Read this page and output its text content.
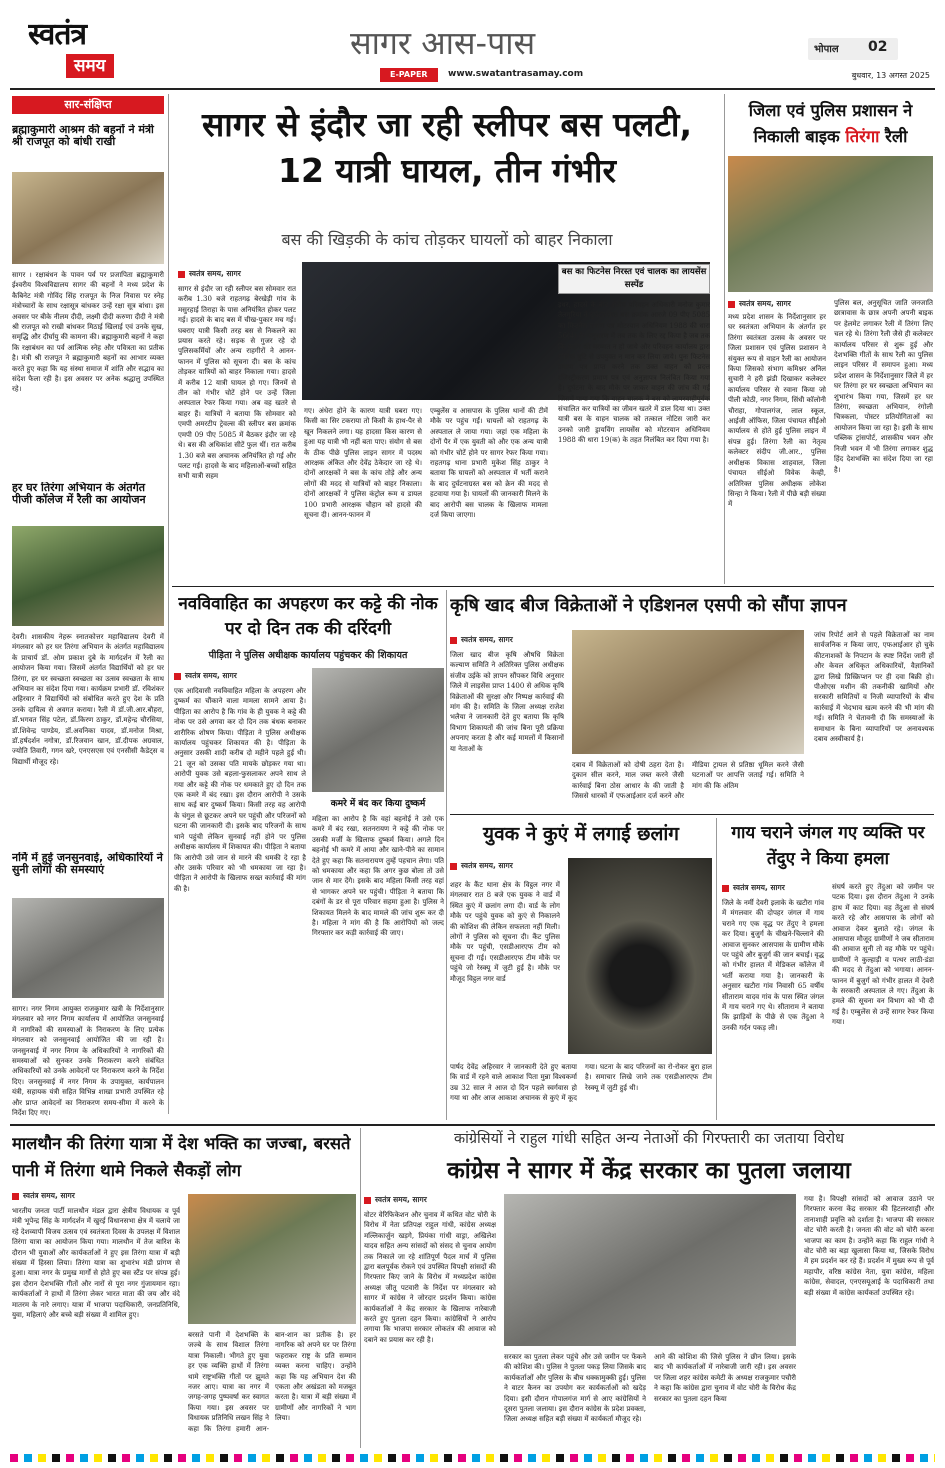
स्वतंत्र
समय
सागर आस-पास
E-PAPER	www.swatantrasamay.com
भोपाल 02
बुधवार, 13 अगस्त 2025
सार-संक्षिप्त
ब्रह्माकुमारी आश्रम की बहनों ने मंत्री श्री राजपूत को बांधी राखी
सागर । रक्षाबंधन के पावन पर्व पर प्रजापिता ब्रह्माकुमारी ईश्वरीय विश्वविद्यालय सागर की बहनों ने मध्य प्रदेश के कैबिनेट मंत्री गोविंद सिंह राजपूत के निज निवास पर स्नेह मंत्रोच्चारों के साथ रक्षासूत्र बांधकर उन्हें रक्षा सूत्र बांधा। इस अवसर पर बीके नीलम दीदी, लक्ष्मी दीदी करुणा दीदी ने मंत्री श्री राजपूत को राखी बांधकर मिठाई खिलाई एवं उनके सुख, समृद्धि और दीर्घायु की कामना की। ब्रह्माकुमारी बहनों ने कहा कि रक्षाबंधन का पर्व आत्मिक स्नेह और पवित्रता का प्रतीक है। मंत्री श्री राजपूत ने ब्रह्माकुमारी बहनों का आभार व्यक्त करते हुए कहा कि यह संस्था समाज में शांति और सद्भाव का संदेश फैला रही है। इस अवसर पर अनेक श्रद्धालु उपस्थित रहे।
हर घर तिरंगा अभियान के अंतर्गत पीजी कॉलेज में रैली का आयोजन
देवरी। शासकीय नेहरू स्नातकोत्तर महाविद्यालय देवरी में मंगलवार को हर घर तिरंगा अभियान के अंतर्गत महाविद्यालय के प्राचार्य डॉ. ओम प्रकाश दुबे के मार्गदर्शन में रैली का आयोजन किया गया। जिसमें अंतर्गत विद्यार्थियों को हर घर तिरंगा, हर घर स्वच्छता स्वच्छता का उत्सव स्वच्छता के साथ अभियान का संदेश दिया गया। कार्यक्रम प्रभारी डॉ. रविशंकर अहिरवार ने विद्यार्थियों को संबोधित करते हुए देश के प्रति उनके दायित्व से अवगत कराया। रैली में डॉ.जी.आर.बौहरा, डॉ.भगवत सिंह पटेल, डॉ.किरण ठाकुर, डॉ.महेन्द्र चौरसिया, डॉ.शिवेन्द्र पाण्डेय, डॉ.अवनिका यादव, डॉ.मनोज मिश्रा, डॉ.हर्षदर्शन नगोत्रा, डॉ.रिजवान खान, डॉ.दीपक अग्रवाल, ज्योति तिवारी, गगन खरे, एनएसएस एवं एनसीसी कैडेट्स व विद्यार्थी मौजूद रहे।
नर्मि में हुई जनसुनवाई, अधिकारियों ने सुनी लोगों की समस्याएं
सागर। नगर निगम आयुक्त राजकुमार खत्री के निर्देशानुसार मंगलवार को नगर निगम कार्यालय में आयोजित जनसुनवाई में नागरिकों की समस्याओं के निराकरण के लिए प्रत्येक मंगलवार को जनसुनवाई आयोजित की जा रही है। जनसुनवाई में नगर निगम के अधिकारियों ने नागरिकों की समस्याओं को सुनकर उनके निराकरण करने संबंधित अधिकारियों को उनके आवेदनों पर निराकरण करने के निर्देश दिए। जनसुनवाई में नगर निगम के उपायुक्त, कार्यपालन यंत्री, सहायक यंत्री सहित विभिन्न शाखा प्रभारी उपस्थित रहे और प्राप्त आवेदनों का निराकरण समय-सीमा में करने के निर्देश दिए गए।
सागर से इंदौर जा रही स्लीपर बस पलटी, 12 यात्री घायल, तीन गंभीर
बस की खिड़की के कांच तोड़कर घायलों को बाहर निकाला
बस का फिटनेस निरस्त एवं चालक का लायसेंस सस्पेंड
स्वतंत्र समय, सागर
सागर से इंदौर जा रही स्लीपर बस सोमवार रात करीब 1.30 बजे राहतगढ़ बेरखेड़ी गांव के मसुरहाई तिराहा के पास अनियंत्रित होकर पलट गई। हादसे के बाद बस में चीख-पुकार मच गई। घबराए यात्री किसी तरह बस से निकलने का प्रयास करते रहे। सड़क से गुजर रहे दो पुलिसकर्मियों और अन्य राहगीरों ने आनन-फानन में पुलिस को सूचना दी। बस के कांच तोड़कर यात्रियों को बाहर निकाला गया। हादसे में करीब 12 यात्री घायल हो गए। जिनमें से तीन को गंभीर चोटें होने पर उन्हें जिला अस्पताल रेफर किया गया। अब वह खतरे से बाहर हैं। यात्रियों ने बताया कि सोमवार को एमपी अमरटीप ट्रेवल्स की स्लीपर बस क्रमांक एमपी 09 पीए 5085 में बैठकर इंदौर जा रहे थे। बस की अधिकांश सीटें फुल थीं। रात करीब 1.30 बजे बस अचानक अनियंत्रित हो गई और पलट गई। हादसे के बाद महिलाओं-बच्चों सहित सभी यात्री सहम
गए। अंधेरा होने के कारण यात्री घबरा गए। किसी का सिर टकराया तो किसी के हाथ-पैर से खून निकलने लगा। यह हादसा किस कारण से हुआ यह यात्री भी नहीं बता पाए। संयोग से बस के ठीक पीछे पुलिस लाइन सागर में पदस्थ आरक्षक अंकित और देवेंद्र ठेकेदार जा रहे थे। दोनों आरक्षकों ने बस के कांच तोड़े और अन्य लोगों की मदद से यात्रियों को बाहर निकाला। दोनों आरक्षकों ने पुलिस कंट्रोल रूम व डायल 100 प्रभारी आरक्षक चौहान को हादसे की सूचना दी। आनन-फानन में
एम्बुलेंस व आसपास के पुलिस थानों की टीमें मौके पर पहुंच गईं। घायलों को राहतगढ़ के अस्पताल ले जाया गया। जहां एक महिला के दोनों पैर में एक युवती को और एक अन्य यात्री को गंभीर चोटें होने पर सागर रेफर किया गया। राहतगढ़ थाना प्रभारी मुकेश सिंह ठाकुर ने बताया कि घायलों को अस्पताल में भर्ती कराने के बाद दुर्घटनाग्रस्त बस को क्रेन की मदद से हटवाया गया है। घायलों की जानकारी मिलने के बाद आरोपी बस चालक के खिलाफ मामला दर्ज किया जाएगा।
इधर, हादसे के बाद क्षेत्रीय परिवहन अधिकारी मनोज कुमार तेलगुरिया ने दुर्घटनाग्रस्त बस क्रमांक आरजे 09 पीए 5085 का फिटनेस प्रमाण पत्र मोटरयान अधिनियम 1988 की धारा 56(4) के अनुसरण में तब तक के लिए रद्द किया है जब तक कि वाहन की मरम्मत न हो जाये और परिवहन कार्यालय द्वारा यांत्रिक त्रुटि से उपयुक्त न मान कर लिया जाये। पुनः फिटनेस प्रमाण पत्र प्राप्त करने तक उक्त वाहन को प्रदत्त रजिस्ट्रीकरण प्रमाण पत्र एवं अनुज्ञापत्र निलंबित किया गया है। दुर्घटना के बाद मौके पर जाकर वाहन की जांच की गई जिसमें पाया गया कि वाहन चालक ने बस को लापरवाहीपूर्वक संचालित कर यात्रियों का जीवन खतरे में डाल दिया था। उक्त यात्री बस के वाहन चालक को तत्काल नोटिस जारी कर उनको जारी ड्रायविंग लायसेंस को मोटरयान अधिनियम 1988 की धारा 19(क) के तहत निलंबित कर दिया गया है।
जिला एवं पुलिस प्रशासन ने निकाली बाइक तिरंगा रैली
स्वतंत्र समय, सागर
मध्य प्रदेश शासन के निर्देशानुसार हर घर स्वतंत्रता अभियान के अंतर्गत हर तिरंगा स्वतंत्रता उत्सव के अवसर पर जिला प्रशासन एवं पुलिस प्रशासन ने संयुक्त रूप से वाहन रैली का आयोजन किया जिसको संभाग कमिश्नर अनिल सुचारी ने हरी झंडी दिखाकर कलेक्टर कार्यालय परिसर से रवाना किया जो पीली कोठी, नगर निगम, सिंधी कॉलोनी चौराहा, गोपालगंज, लाल स्कूल, आईजी ऑफिस, जिला पंचायत सीईओ कार्यालय से होते हुई पुलिस लाइन में संपन्न हुई। तिरंगा रैली का नेतृत्व कलेक्टर संदीप जी.आर., पुलिस अधीक्षक विकास शाहवाल, जिला पंचायत सीईओ विवेक केव्ही, अतिरिक्त पुलिस अधीक्षक लोकेश सिन्हा ने किया। रैली में पीछे बड़ी संख्या में
पुलिस बल, अनुसूचित जाति जनजाति छात्रावास के छात्र अपनी अपनी बाइक पर हेलमेट लगाकर रैली में तिरंगा लिए चल रहे थे। तिरंगा रैली जैसे ही कलेक्टर कार्यालय परिसर से शुरू हुई और देशभक्ति गीतों के साथ रैली का पुलिस लाइन परिसर में समापन हुआ। मध्य प्रदेश शासन के निर्देशानुसार जिले में हर घर तिरंगा हर घर स्वच्छता अभियान का शुभारंभ किया गया, जिसमें हर घर तिरंगा, स्वच्छता अभियान, रंगोली चित्रकला, पोस्टर प्रतियोगिताओं का आयोजन किया जा रहा है। इसी के साथ पब्लिक ट्रांसपोर्ट, शासकीय भवन और निजी भवन में भी तिरंगा लगाकर शुद्ध हिंद देशभक्ति का संदेश दिया जा रहा है।
नवविवाहित का अपहरण कर कट्टे की नोक पर दो दिन तक की दरिंदगी
पीड़िता ने पुलिस अधीक्षक कार्यालय पहुंचकर की शिकायत
स्वतंत्र समय, सागर
कमरे में बंद कर किया दुष्कर्म
एक आदिवासी नवविवाहित महिला के अपहरण और दुष्कर्म का चौंकाने वाला मामला सामने आया है। पीड़िता का आरोप है कि गांव के ही युवक ने कट्टे की नोक पर उसे अगवा कर दो दिन तक बंधक बनाकर शारीरिक शोषण किया। पीड़िता ने पुलिस अधीक्षक कार्यालय पहुंचकर शिकायत की है। पीड़िता के अनुसार उसकी शादी करीब दो महीने पहले हुई थी। 21 जून को उसका पति मायके छोड़कर गया था। आरोपी युवक उसे बहला-फुसलाकर अपने साथ ले गया और कट्टे की नोक पर धमकाते हुए दो दिन तक एक कमरे में बंद रखा। इस दौरान आरोपी ने उसके साथ कई बार दुष्कर्म किया। किसी तरह वह आरोपी के चंगुल से छूटकर अपने घर पहुंची और परिजनों को घटना की जानकारी दी। इसके बाद परिजनों के साथ थाने पहुंची लेकिन सुनवाई नहीं होने पर पुलिस अधीक्षक कार्यालय में शिकायत की। पीड़िता ने बताया कि आरोपी उसे जान से मारने की धमकी दे रहा है और उसके परिवार को भी धमकाया जा रहा है। पीड़िता ने आरोपी के खिलाफ सख्त कार्रवाई की मांग की है।
महिला का आरोप है कि वहां बहनोई ने उसे एक कमरे में बंद रखा, सतनरायण ने कट्टे की नोक पर उसकी मर्जी के खिलाफ दुष्कर्म किया। अगले दिन बहनोई भी कमरे में आया और खाने-पीने का सामान देते हुए कहा कि सतनारायण तुम्हें पहचान लेगा। पति को धमकाया और कहा कि अगर कुछ बोला तो उसे जान से मार देंगे। इसके बाद महिला किसी तरह वहां से भागकर अपने घर पहुंची। पीड़िता ने बताया कि दबंगों के डर से पूरा परिवार सहमा हुआ है। पुलिस ने शिकायत मिलने के बाद मामले की जांच शुरू कर दी है। महिला ने मांग की है कि आरोपियों को जल्द गिरफ्तार कर कड़ी कार्रवाई की जाए।
कृषि खाद बीज विक्रेताओं ने एडिशनल एसपी को सौंपा ज्ञापन
स्वतंत्र समय, सागर
जिला खाद बीज कृषि औषधि विक्रेता कल्याण समिति ने अतिरिक्त पुलिस अधीक्षक संजीव उईके को ज्ञापन सौंपकर विधि अनुसार जिले में लाइसेंस प्राप्त 1400 से अधिक कृषि विक्रेताओं की सुरक्षा और निष्पक्ष कार्रवाई की मांग की है। समिति के जिला अध्यक्ष राजेश भलैया ने जानकारी देते हुए बताया कि कृषि विभाग शिकायतों की जांच बिना पूरी प्रक्रिया अपनाए करता है और कई मामलों में किसानों या नेताओं के
दबाव में विक्रेताओं को दोषी ठहरा देता है। दुकान सील करने, माल जब्त करने जैसी कार्रवाई बिना ठोस आधार के की जाती है जिससे धारकों में एफआईआर दर्ज करने और मीडिया ट्रायल से प्रतिष्ठा धूमिल करने जैसी घटनाओं पर आपत्ति जताई गई। समिति ने मांग की कि अंतिम
जांच रिपोर्ट आने से पहले विक्रेताओं का नाम सार्वजनिक न किया जाए, एफआईआर हो चुके कीटनाशकों के निपटान के स्पष्ट निर्देश जारी हों और केवल अधिकृत अधिकारियों, वैज्ञानिकों द्वारा लिखे प्रिस्क्रिप्शन पर ही दवा बिक्री हो। पीओएस मशीन की तकनीकी खामियों और सरकारी समितियों व निजी व्यापारियों के बीच कार्रवाई में भेदभाव खत्म करने की भी मांग की गई। समिति ने चेतावनी दी कि समस्याओं के समाधान के बिना व्यापारियों पर अनावश्यक दबाव अस्वीकार्य है।
युवक ने कुएं में लगाई छलांग
स्वतंत्र समय, सागर
शहर के कैंट थाना क्षेत्र के विट्ठल नगर में मंगलवार रात 8 बजे एक युवक ने वार्ड में स्थित कुएं में छलांग लगा दी। वार्ड के लोग मौके पर पहुंचे युवक को कुएं से निकालने की कोशिश की लेकिन सफलता नहीं मिली। लोगों ने पुलिस को सूचना दी। कैंट पुलिस मौके पर पहुंची, एसडीआरएफ टीम को सूचना दी गई। एसडीआरएफ टीम मौके पर पहुंचे जो रेस्क्यू में जुटी हुई है। मौके पर मौजूद विट्ठल नगर वार्ड
पार्षद देवेंद्र अहिरवार ने जानकारी देते हुए बताया कि वार्ड में रहने वाले आकाश पिता मुन्ना विश्वकर्मा उम्र 32 साल ने आज दो दिन पहले स्वर्गवास हो गया था और आज आकाश अचानक से कुएं में कूद गया। घटना के बाद परिजनों का रो-रोकर बुरा हाल है। समाचार लिखे जाने तक एसडीआरएफ टीम रेस्क्यू में जुटी हुई थी।
गाय चराने जंगल गए व्यक्ति पर तेंदुए ने किया हमला
स्वतंत्र समय, सागर
जिले के नर्मी देवरी इलाके के खटौरा गांव में मंगलवार की दोपहर जंगल में गाय चराने गए एक वृद्ध पर तेंदुए ने हमला कर दिया। बुजुर्ग के चीखने-चिल्लाने की आवाज सुनकर आसपास के ग्रामीण मौके पर पहुंचे और बुजुर्ग की जान बचाई। वृद्ध को गंभीर हालत में मेडिकल कॉलेज में भर्ती कराया गया है। जानकारी के अनुसार खटौरा गांव निवासी 65 वर्षीय सीताराम यादव गांव के पास स्थित जंगल में गाय चराने गए थे। सीताराम ने बताया कि झाड़ियों के पीछे से एक तेंदुआ ने उनकी गर्दन पकड़ ली।
संघर्ष करते हुए तेंदुआ को जमीन पर पटक दिया। इस दौरान तेंदुआ ने उनके हाथ में काट दिया। वह तेंदुआ से संघर्ष करते रहे और आसपास के लोगों को आवाज देकर बुलाते रहे। जंगल के आसपास मौजूद ग्रामीणों ने जब सीताराम की आवाज सुनी तो वह मौके पर पहुंचे। ग्रामीणों ने कुल्हाड़ी व पत्थर लाठी-डंडा की मदद से तेंदुआ को भगाया। आनन-फानन में बुजुर्ग को गंभीर हालत में देवरी के सरकारी अस्पताल ले गए। तेंदुआ के हमले की सूचना वन विभाग को भी दी गई है। एम्बुलेंस से उन्हें सागर रेफर किया गया।
मालथौन की तिरंगा यात्रा में देश भक्ति का जज्बा, बरसते पानी में तिरंगा थामे निकले सैकड़ों लोग
स्वतंत्र समय, सागर
भारतीय जनता पार्टी मालथौन मंडल द्वारा क्षेत्रीय विधायक व पूर्व मंत्री भूपेन्द्र सिंह के मार्गदर्शन में खुरई विधानसभा क्षेत्र में चलाये जा रहे देशव्यापी विजय उत्सव एवं स्वतंत्रता दिवस के उपलक्ष में विशाल तिरंगा यात्रा का आयोजन किया गया। मालथौन में तेज बारिश के दौरान भी युवाओं और कार्यकर्ताओं ने हुए इस तिरंगा यात्रा में बड़ी संख्या में हिस्सा लिया। तिरंगा यात्रा का शुभारंभ मंडी प्रांगण से हुआ। यात्रा नगर के प्रमुख मार्गों से होते हुए बस स्टैंड पर संपन्न हुई। इस दौरान देशभक्ति गीतों और नारों से पूरा नगर गुंजायमान रहा। कार्यकर्ताओं ने हाथों में तिरंगा लेकर भारत माता की जय और वंदे मातरम के नारे लगाए। यात्रा में भाजपा पदाधिकारी, जनप्रतिनिधि, युवा, महिलाएं और बच्चे बड़ी संख्या में शामिल हुए।
बरसते पानी में देशभक्ति के जज्बे के साथ विशाल तिरंगा यात्रा निकाली। भीगते हुए युवा हर एक व्यक्ति हाथों में तिरंगा थामे राष्ट्रभक्ति गीतों पर झूमते नजर आए। यात्रा का नगर में जगह-जगह पुष्पवर्षा कर स्वागत किया गया। इस अवसर पर विधायक प्रतिनिधि लखन सिंह ने कहा कि तिरंगा हमारी आन-बान-शान का प्रतीक है। हर नागरिक को अपने घर पर तिरंगा फहराकर राष्ट्र के प्रति सम्मान व्यक्त करना चाहिए। उन्होंने कहा कि यह अभियान देश की एकता और अखंडता को मजबूत करता है। यात्रा में बड़ी संख्या में ग्रामीणों और नागरिकों ने भाग लिया।
कांग्रेसियों ने राहुल गांधी सहित अन्य नेताओं की गिरफ्तारी का जताया विरोध
कांग्रेस ने सागर में केंद्र सरकार का पुतला जलाया
स्वतंत्र समय, सागर
वोटर वेरिफिकेशन और चुनाव में कथित वोट चोरी के विरोध में नेता प्रतिपक्ष राहुल गांधी, कांग्रेस अध्यक्ष मल्लिकार्जुन खड़गे, प्रियंका गांधी वाड्रा, अखिलेश यादव सहित अन्य सांसदों को संसद से चुनाव आयोग तक निकाले जा रहे शांतिपूर्ण पैदल मार्च में पुलिस द्वारा बलपूर्वक रोकने एवं उपस्थित विपक्षी सांसदों की गिरफ्तार किए जाने के विरोध में मध्यप्रदेश कांग्रेस अध्यक्ष जीतू पटवारी के निर्देश पर मंगलवार को सागर में कांग्रेस ने जोरदार प्रदर्शन किया। कांग्रेस कार्यकर्ताओं ने केंद्र सरकार के खिलाफ नारेबाजी करते हुए पुतला दहन किया। कांग्रेसियों ने आरोप लगाया कि भाजपा सरकार लोकतंत्र की आवाज को दबाने का प्रयास कर रही है।
सरकार का पुतला लेकर पहुंचे और उसे जमीन पर फेंकने की कोशिश की। पुलिस ने पुतला पकड़ लिया जिसके बाद कार्यकर्ताओं और पुलिस के बीच धक्कामुक्की हुई। पुलिस ने वाटर कैनन का उपयोग कर कार्यकर्ताओं को खदेड़ दिया। इसी दौरान गोपालगंज मार्ग से आए कांग्रेसियों ने दूसरा पुतला जलाया। इस दौरान कांग्रेस के प्रदेश प्रवक्ता, जिला अध्यक्ष सहित बड़ी संख्या में कार्यकर्ता मौजूद रहे।
आने की कोशिश की जिसे पुलिस ने छीन लिया। इसके बाद भी कार्यकर्ताओं में नारेबाजी जारी रही। इस अवसर पर जिला शहर कांग्रेस कमेटी के अध्यक्ष राजकुमार पचौरी ने कहा कि कांग्रेस द्वारा चुनाव में वोट चोरी के विरोध केंद्र सरकार का पुतला दहन किया
गया है। विपक्षी सांसदों को आवाज उठाने पर गिरफ्तार करना केंद्र सरकार की हिटलरशाही और तानाशाही प्रवृत्ति को दर्शाता है। भाजपा की सरकार वोट चोरी करती है। जनता की वोट को चोरी करना भाजपा का काम है। उन्होंने कहा कि राहुल गांधी ने वोट चोरी का बड़ा खुलासा किया था, जिसके विरोध में हम प्रदर्शन कर रहे हैं। प्रदर्शन में मुख्य रूप से पूर्व महापौर, वरिष्ठ कांग्रेस नेता, युवा कांग्रेस, महिला कांग्रेस, सेवादल, एनएसयूआई के पदाधिकारी तथा बड़ी संख्या में कांग्रेस कार्यकर्ता उपस्थित रहे।
